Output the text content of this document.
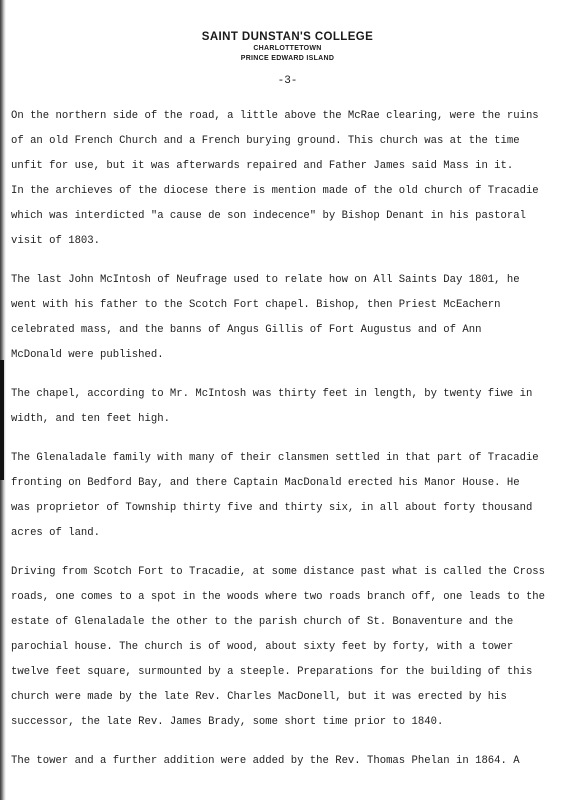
SAINT DUNSTAN'S COLLEGE
CHARLOTTETOWN
PRINCE EDWARD ISLAND
-3-
On the northern side of the road, a little above the McRae clearing, were the ruins
of an old French Church and a French burying ground. This church was at the time
unfit for use, but it was afterwards repaired and Father James said Mass in it.
In the archieves of the diocese there is mention made of the old church of Tracadie
which was interdicted "a cause de son indecence" by Bishop Denant in his pastoral
visit of 1803.
The last John McIntosh of Neufrage used to relate how on All Saints Day 1801, he
went with his father to the Scotch Fort chapel. Bishop, then Priest McEachern
celebrated mass, and the banns of Angus Gillis of Fort Augustus and of Ann
McDonald were published.
The chapel, according to Mr. McIntosh was thirty feet in length, by twenty fiwe in
width, and ten feet high.
The Glenaladale family with many of their clansmen settled in that part of Tracadie
fronting on Bedford Bay, and there Captain MacDonald erected his Manor House. He
was proprietor of Township thirty five and thirty six, in all about forty thousand
acres of land.
Driving from Scotch Fort to Tracadie, at some distance past what is called the Cross
roads, one comes to a spot in the woods where two roads branch off, one leads to the
estate of Glenaladale the other to the parish church of St. Bonaventure and the
parochial house. The church is of wood, about sixty feet by forty, with a tower
twelve feet square, surmounted by a steeple. Preparations for the building of this
church were made by the late Rev. Charles MacDonell, but it was erected by his
successor, the late Rev. James Brady, some short time prior to 1840.
The tower and a further addition were added by the Rev. Thomas Phelan in 1864. A
